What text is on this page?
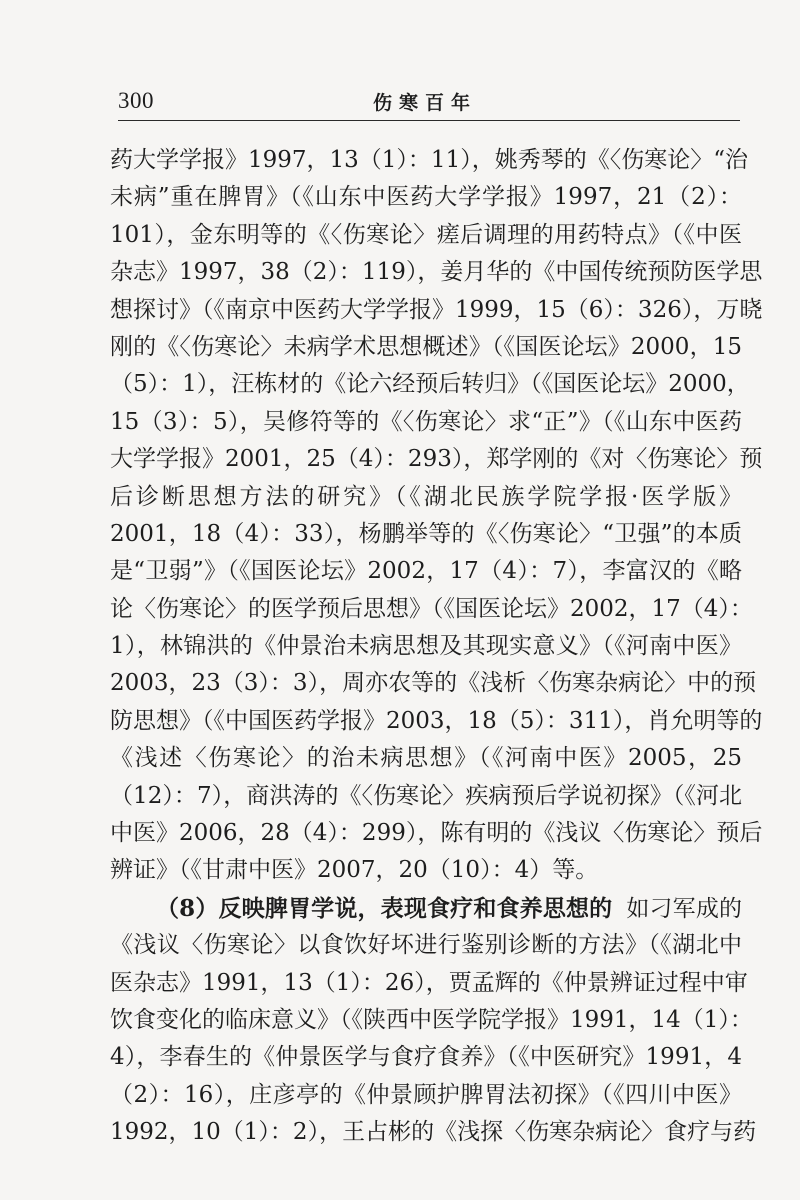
300	伤寒百年
药大学学报》1997，13（1）：11），姚秀琴的《〈伤寒论〉“治
未病”重在脾胃》（《山东中医药大学学报》1997，21（2）：
101），金东明等的《〈伤寒论〉瘥后调理的用药特点》（《中医
杂志》1997，38（2）：119），姜月华的《中国传统预防医学思
想探讨》（《南京中医药大学学报》1999，15（6）：326），万晓
刚的《〈伤寒论〉未病学术思想概述》（《国医论坛》2000，15
（5）：1），汪栋材的《论六经预后转归》（《国医论坛》2000，
15（3）：5），吴修符等的《〈伤寒论〉求“正”》（《山东中医药
大学学报》2001，25（4）：293），郑学刚的《对〈伤寒论〉预
后诊断思想方法的研究》（《湖北民族学院学报·医学版》
2001，18（4）：33），杨鹏举等的《〈伤寒论〉“卫强”的本质
是“卫弱”》（《国医论坛》2002，17（4）：7），李富汉的《略
论〈伤寒论〉的医学预后思想》（《国医论坛》2002，17（4）：
1），林锦洪的《仲景治未病思想及其现实意义》（《河南中医》
2003，23（3）：3），周亦农等的《浅析〈伤寒杂病论〉中的预
防思想》（《中国医药学报》2003，18（5）：311），肖允明等的
《浅述〈伤寒论〉的治未病思想》（《河南中医》2005，25
（12）：7），商洪涛的《〈伤寒论〉疾病预后学说初探》（《河北
中医》2006，28（4）：299），陈有明的《浅议〈伤寒论〉预后
辨证》（《甘肃中医》2007，20（10）：4）等。
（8）反映脾胃学说，表现食疗和食养思想的 如刁军成的
《浅议〈伤寒论〉以食饮好坏进行鉴别诊断的方法》（《湖北中
医杂志》1991，13（1）：26），贾孟辉的《仲景辨证过程中审
饮食变化的临床意义》（《陕西中医学院学报》1991，14（1）：
4），李春生的《仲景医学与食疗食养》（《中医研究》1991，4
（2）：16），庄彦亭的《仲景顾护脾胃法初探》（《四川中医》
1992，10（1）：2），王占彬的《浅探〈伤寒杂病论〉食疗与药
